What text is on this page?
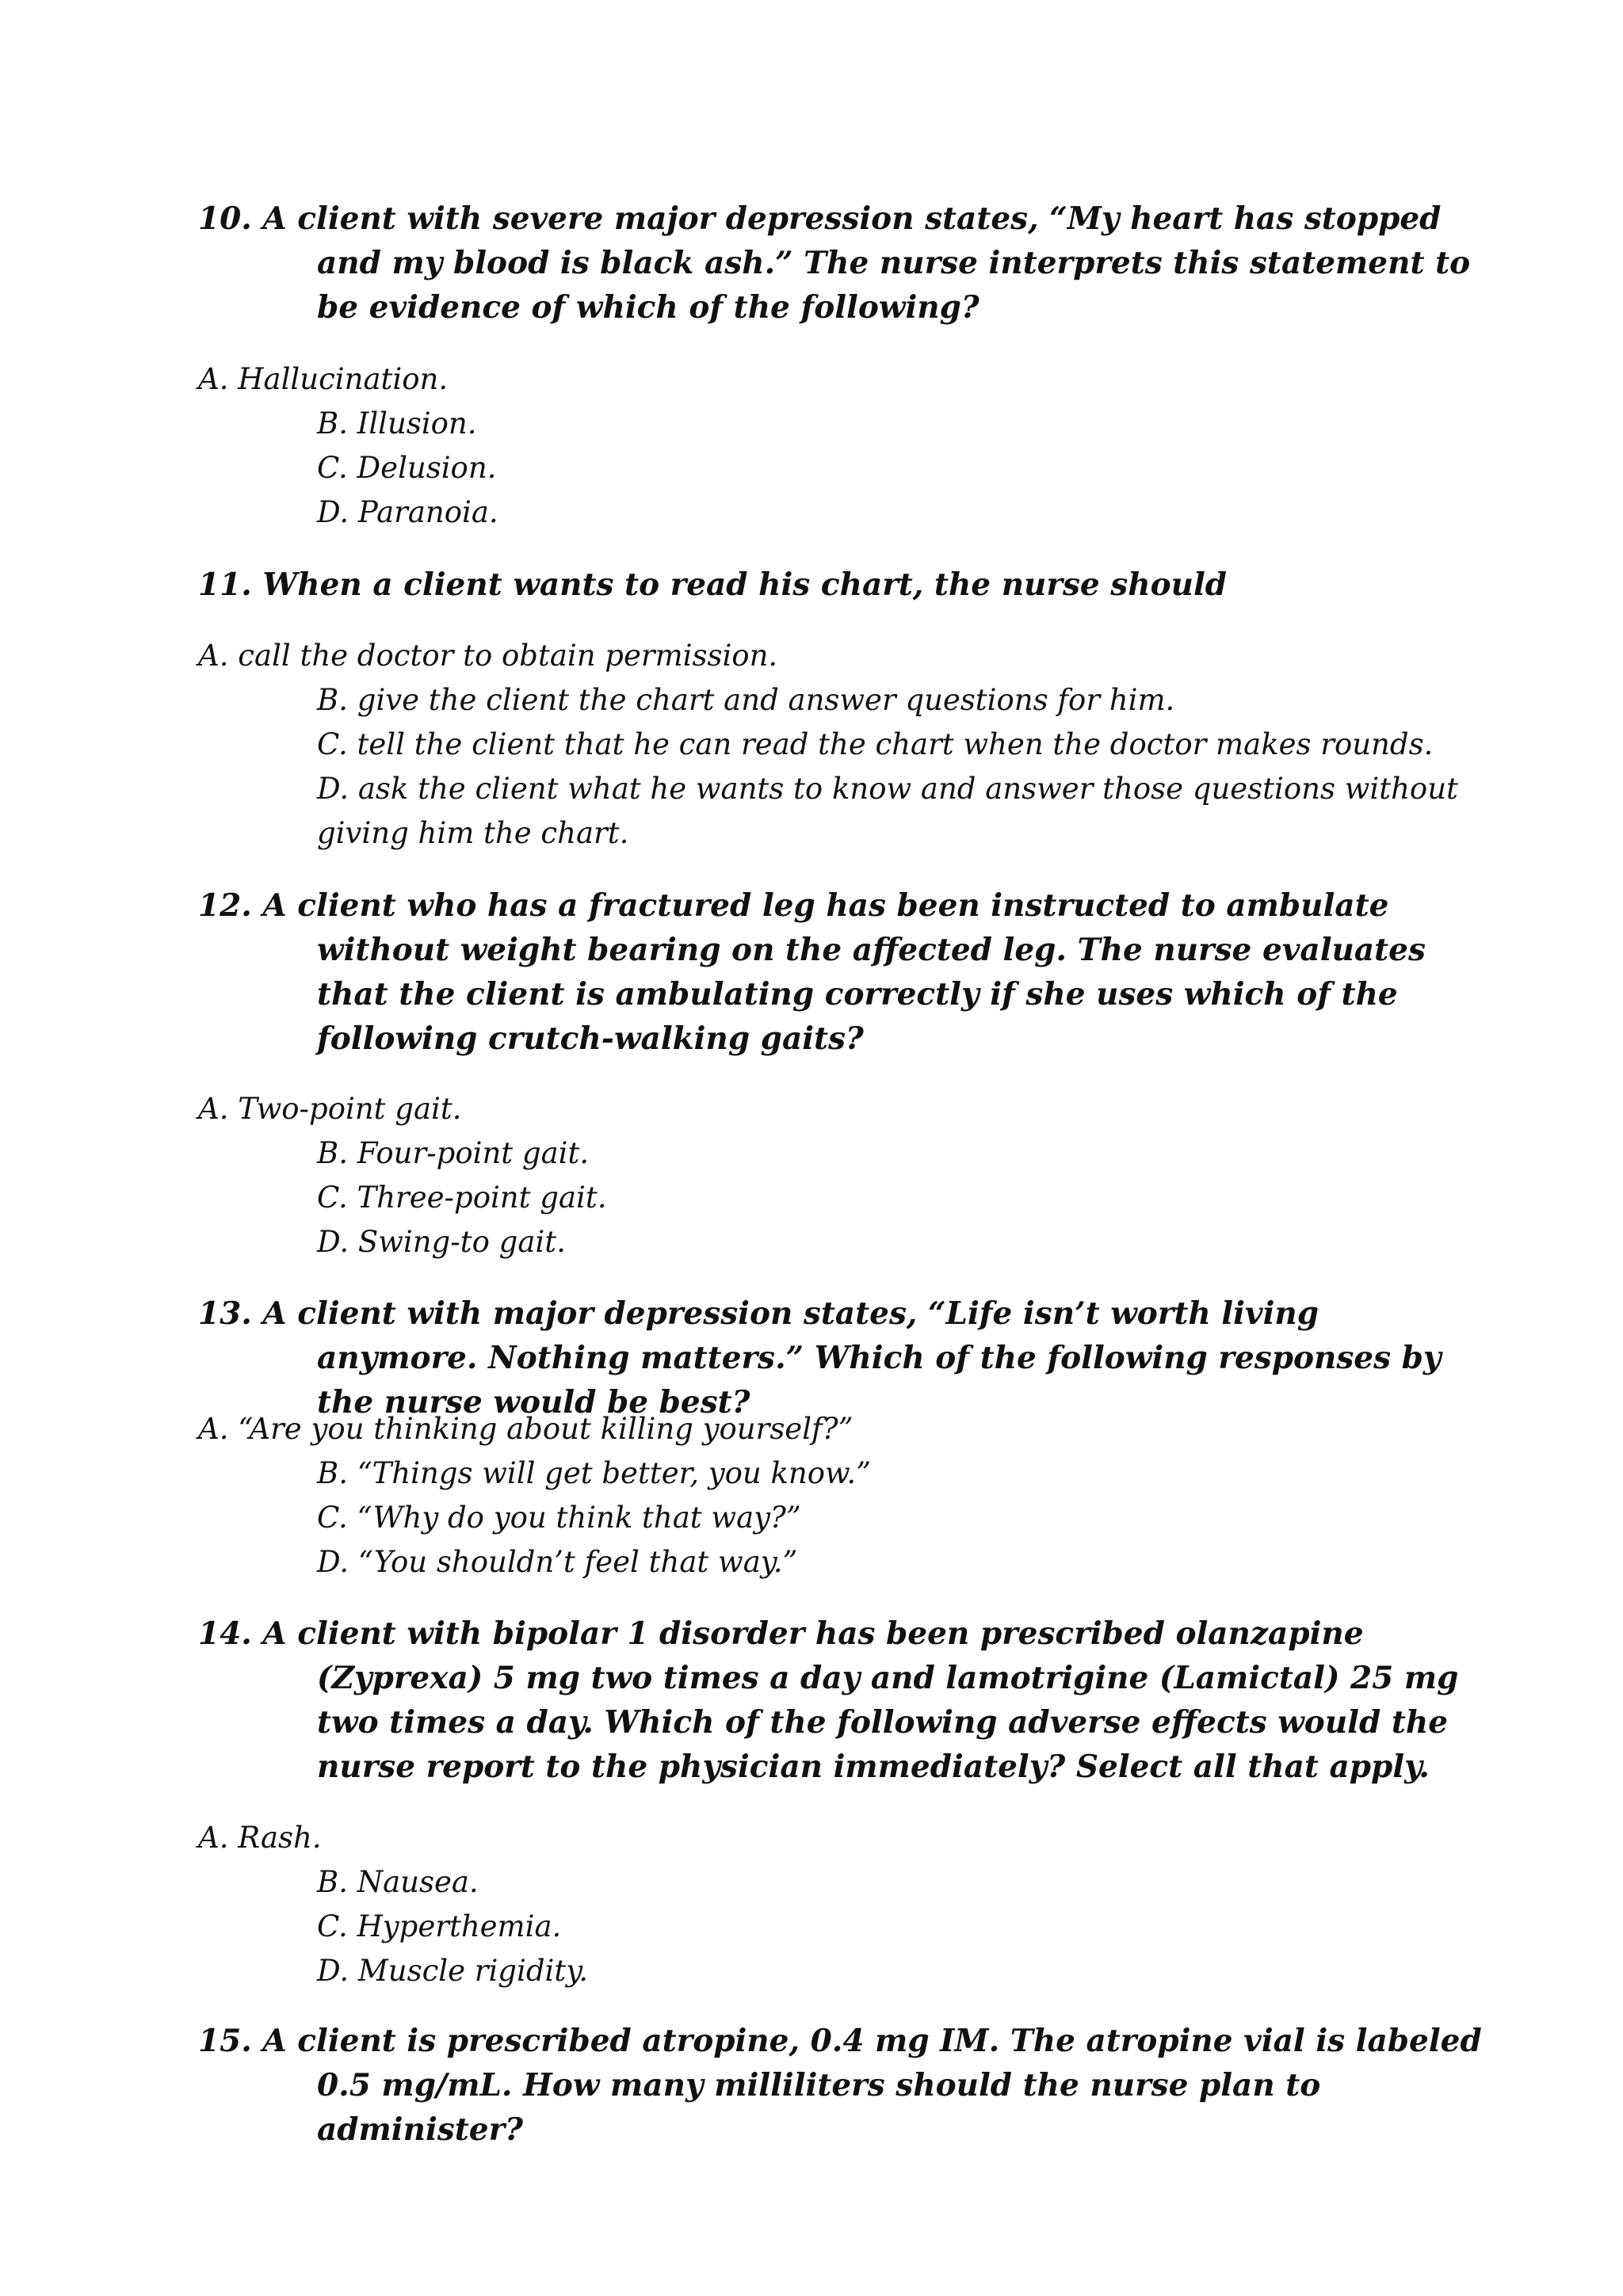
10. A client with severe major depression states, “My heart has stopped and my blood is black ash.” The nurse interprets this statement to be evidence of which of the following?

A. Hallucination.
B. Illusion.
C. Delusion.
D. Paranoia.

11. When a client wants to read his chart, the nurse should

A. call the doctor to obtain permission.
B. give the client the chart and answer questions for him.
C. tell the client that he can read the chart when the doctor makes rounds.
D. ask the client what he wants to know and answer those questions without giving him the chart.

12. A client who has a fractured leg has been instructed to ambulate without weight bearing on the affected leg. The nurse evaluates that the client is ambulating correctly if she uses which of the following crutch-walking gaits?

A. Two-point gait.
B. Four-point gait.
C. Three-point gait.
D. Swing-to gait.

13. A client with major depression states, “Life isn’t worth living anymore. Nothing matters.” Which of the following responses by the nurse would be best?

A. “Are you thinking about killing yourself?”
B. “Things will get better, you know.”
C. “Why do you think that way?”
D. “You shouldn’t feel that way.”

14. A client with bipolar 1 disorder has been prescribed olanzapine (Zyprexa) 5 mg two times a day and lamotrigine (Lamictal) 25 mg two times a day. Which of the following adverse effects would the nurse report to the physician immediately? Select all that apply.

A. Rash.
B. Nausea.
C. Hyperthemia.
D. Muscle rigidity.

15. A client is prescribed atropine, 0.4 mg IM. The atropine vial is labeled 0.5 mg/mL. How many milliliters should the nurse plan to administer?
